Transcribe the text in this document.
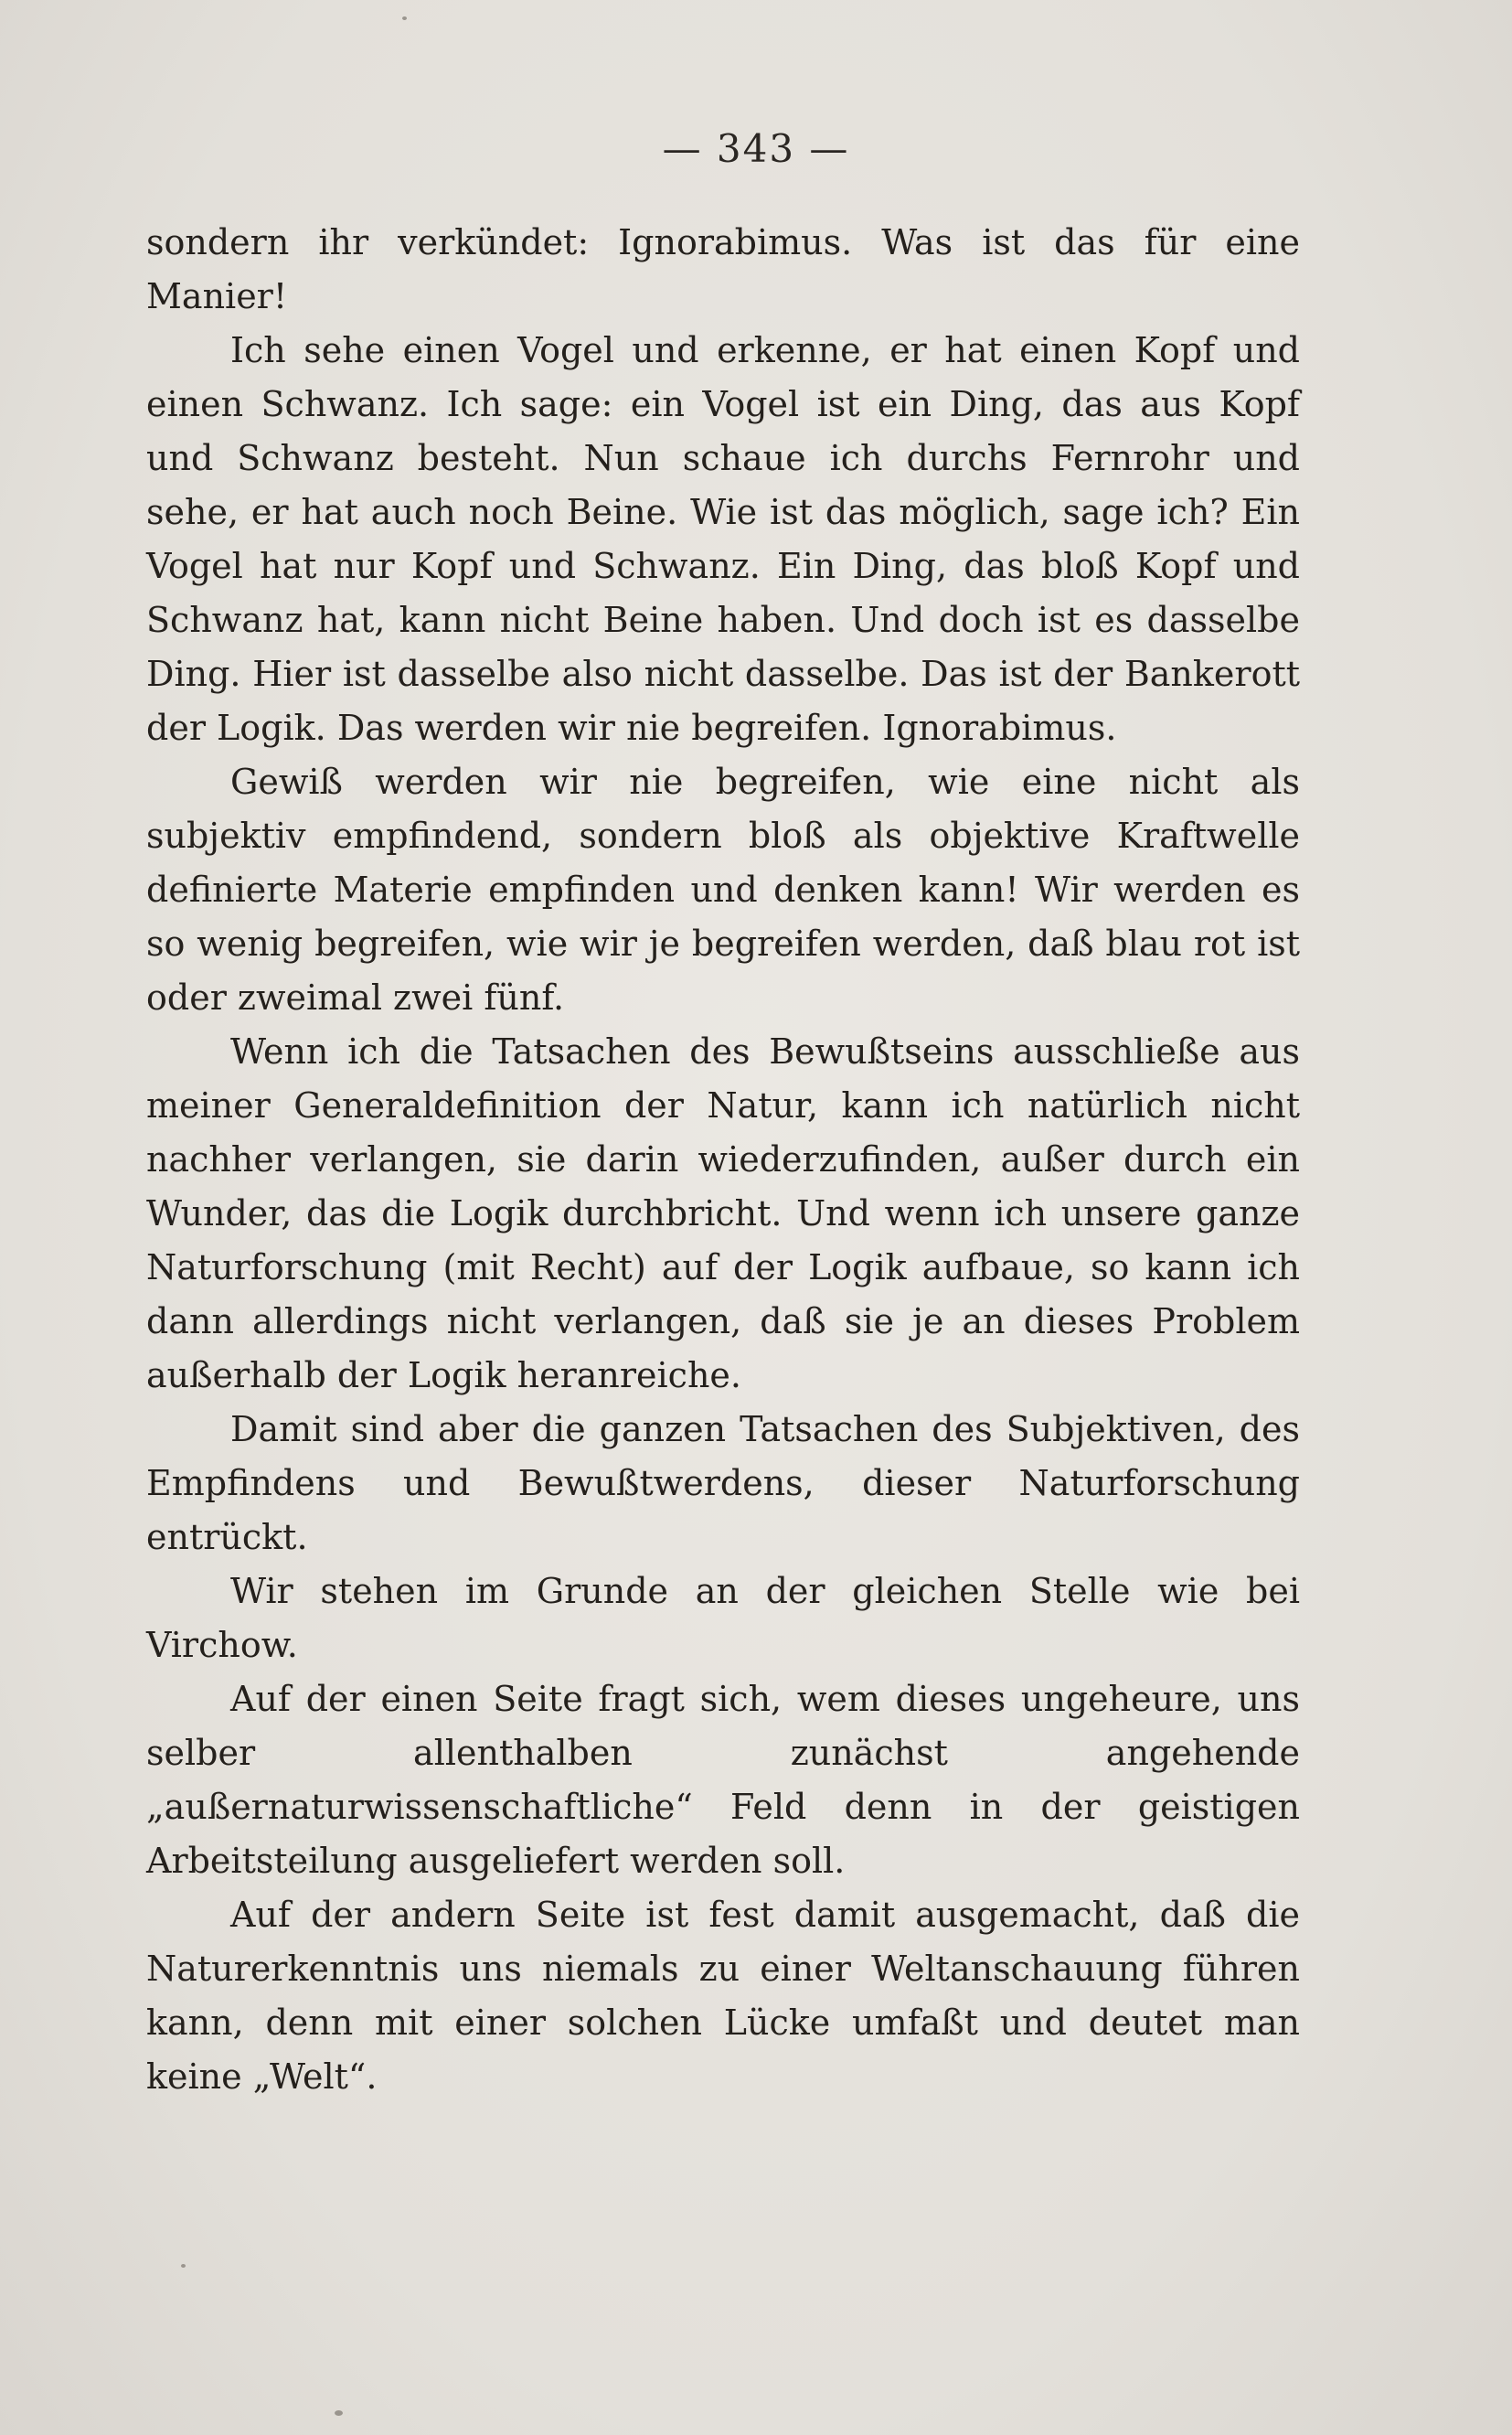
— 343 —

sondern ihr verkündet: Ignorabimus. Was ist das für eine Manier!

Ich sehe einen Vogel und erkenne, er hat einen Kopf und einen Schwanz. Ich sage: ein Vogel ist ein Ding, das aus Kopf und Schwanz besteht. Nun schaue ich durchs Fernrohr und sehe, er hat auch noch Beine. Wie ist das möglich, sage ich? Ein Vogel hat nur Kopf und Schwanz. Ein Ding, das bloß Kopf und Schwanz hat, kann nicht Beine haben. Und doch ist es dasselbe Ding. Hier ist dasselbe also nicht dasselbe. Das ist der Bankerott der Logik. Das werden wir nie begreifen. Ignorabimus.

Gewiß werden wir nie begreifen, wie eine nicht als subjektiv empfindend, sondern bloß als objektive Kraftwelle definierte Materie empfinden und denken kann! Wir werden es so wenig begreifen, wie wir je begreifen werden, daß blau rot ist oder zweimal zwei fünf.

Wenn ich die Tatsachen des Bewußtseins ausschließe aus meiner Generaldefinition der Natur, kann ich natürlich nicht nachher verlangen, sie darin wiederzufinden, außer durch ein Wunder, das die Logik durchbricht. Und wenn ich unsere ganze Naturforschung (mit Recht) auf der Logik aufbaue, so kann ich dann allerdings nicht verlangen, daß sie je an dieses Problem außerhalb der Logik heranreiche.

Damit sind aber die ganzen Tatsachen des Subjektiven, des Empfindens und Bewußtwerdens, dieser Naturforschung entrückt.

Wir stehen im Grunde an der gleichen Stelle wie bei Virchow.

Auf der einen Seite fragt sich, wem dieses ungeheure, uns selber allenthalben zunächst angehende „außernaturwissenschaftliche“ Feld denn in der geistigen Arbeitsteilung ausgeliefert werden soll.

Auf der andern Seite ist fest damit ausgemacht, daß die Naturerkenntnis uns niemals zu einer Weltanschauung führen kann, denn mit einer solchen Lücke umfaßt und deutet man keine „Welt“.
